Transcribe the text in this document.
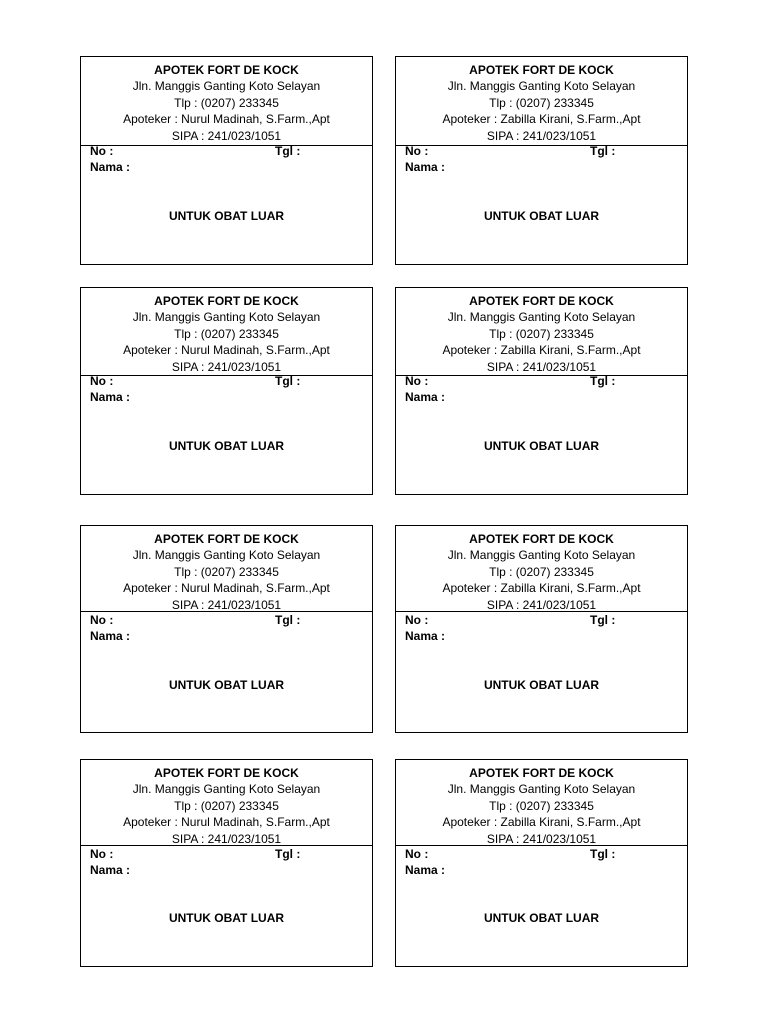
APOTEK FORT DE KOCK
Jln. Manggis Ganting Koto Selayan
Tlp : (0207) 233345
Apoteker : Nurul Madinah, S.Farm.,Apt
SIPA : 241/023/1051
No :	Tgl :
Nama :
UNTUK OBAT LUAR
APOTEK FORT DE KOCK
Jln. Manggis Ganting Koto Selayan
Tlp : (0207) 233345
Apoteker : Zabilla Kirani, S.Farm.,Apt
SIPA : 241/023/1051
No :	Tgl :
Nama :
UNTUK OBAT LUAR
APOTEK FORT DE KOCK
Jln. Manggis Ganting Koto Selayan
Tlp : (0207) 233345
Apoteker : Nurul Madinah, S.Farm.,Apt
SIPA : 241/023/1051
No :	Tgl :
Nama :
UNTUK OBAT LUAR
APOTEK FORT DE KOCK
Jln. Manggis Ganting Koto Selayan
Tlp : (0207) 233345
Apoteker : Zabilla Kirani, S.Farm.,Apt
SIPA : 241/023/1051
No :	Tgl :
Nama :
UNTUK OBAT LUAR
APOTEK FORT DE KOCK
Jln. Manggis Ganting Koto Selayan
Tlp : (0207) 233345
Apoteker : Nurul Madinah, S.Farm.,Apt
SIPA : 241/023/1051
No :	Tgl :
Nama :
UNTUK OBAT LUAR
APOTEK FORT DE KOCK
Jln. Manggis Ganting Koto Selayan
Tlp : (0207) 233345
Apoteker : Zabilla Kirani, S.Farm.,Apt
SIPA : 241/023/1051
No :	Tgl :
Nama :
UNTUK OBAT LUAR
APOTEK FORT DE KOCK
Jln. Manggis Ganting Koto Selayan
Tlp : (0207) 233345
Apoteker : Nurul Madinah, S.Farm.,Apt
SIPA : 241/023/1051
No :	Tgl :
Nama :
UNTUK OBAT LUAR
APOTEK FORT DE KOCK
Jln. Manggis Ganting Koto Selayan
Tlp : (0207) 233345
Apoteker : Zabilla Kirani, S.Farm.,Apt
SIPA : 241/023/1051
No :	Tgl :
Nama :
UNTUK OBAT LUAR
